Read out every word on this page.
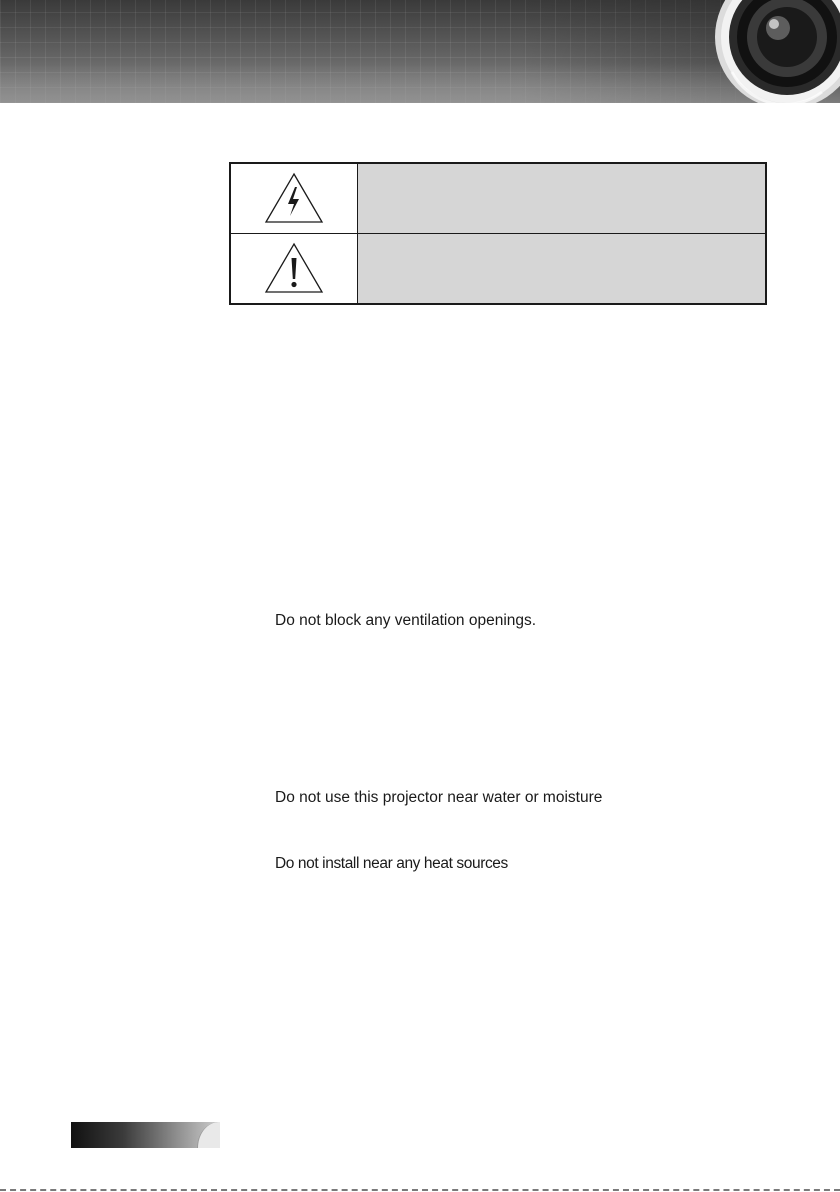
Do not block any ventilation openings.
Do not use this projector near water or moisture
Do not install near any heat sources
